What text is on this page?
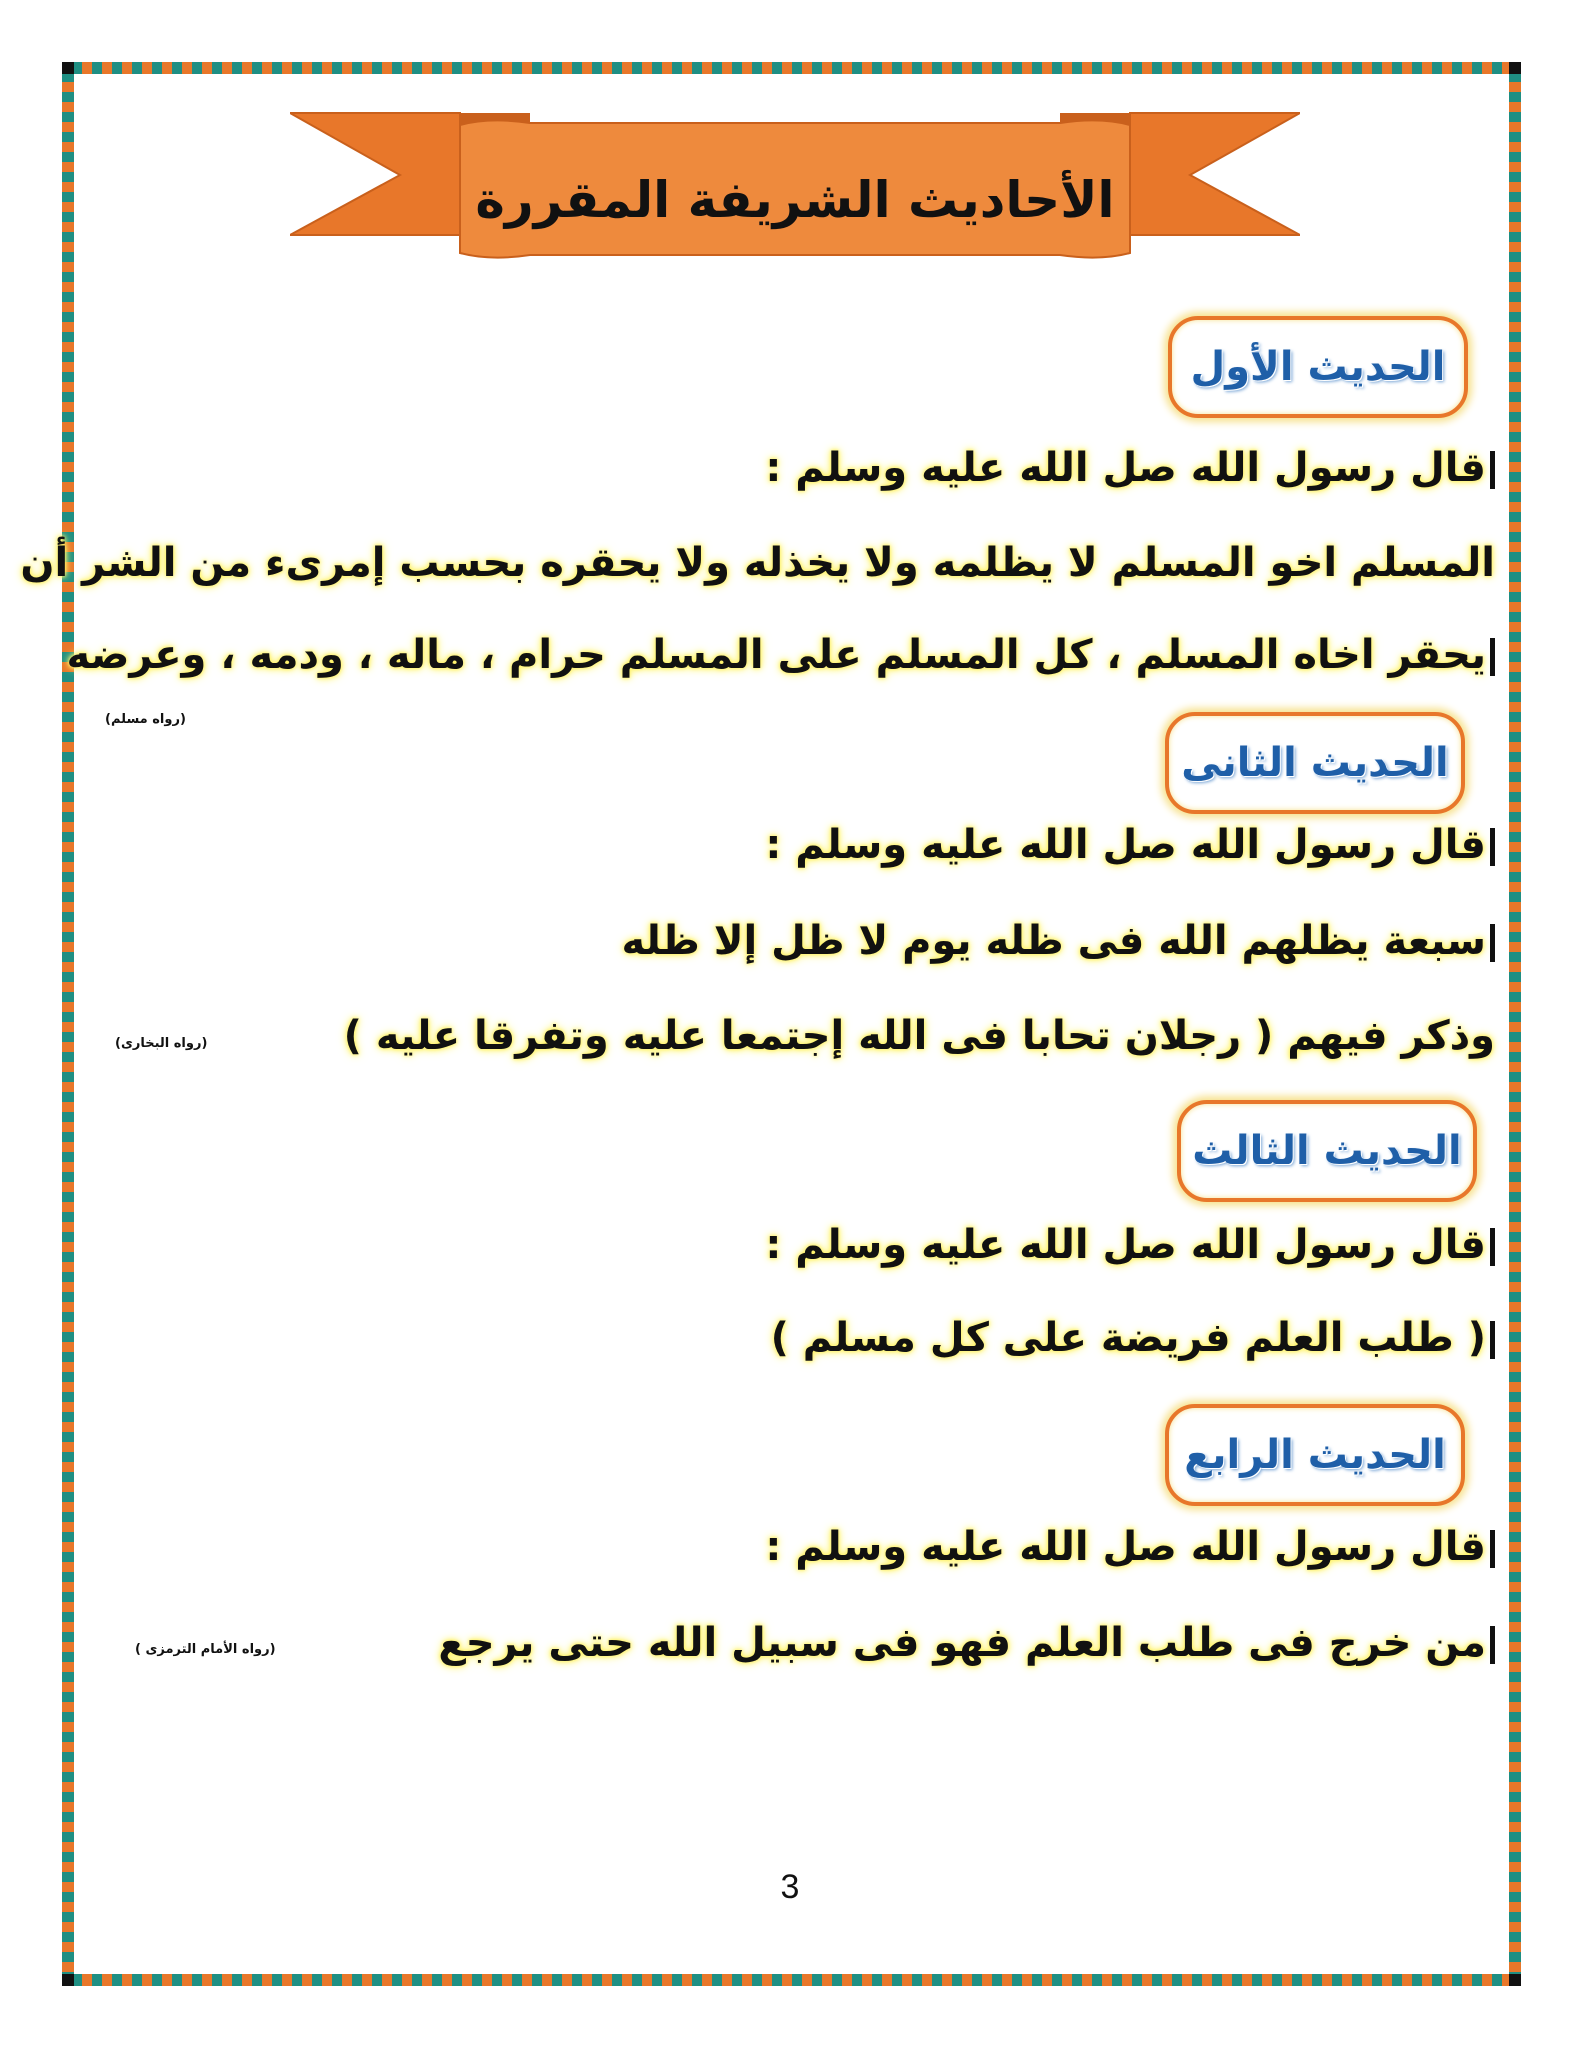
الأحاديث الشريفة المقررة
الحديث الأول
قال رسول الله صل الله عليه وسلم :
المسلم اخو المسلم لا يظلمه ولا يخذله ولا يحقره بحسب إمرىء من الشر أن
يحقر اخاه المسلم ، كل المسلم على المسلم حرام ، ماله ، ودمه ، وعرضه
(رواه مسلم)
الحديث الثانى
قال رسول الله صل الله عليه وسلم :
سبعة يظلهم الله فى ظله يوم لا ظل إلا ظله
وذكر فيهم ( رجلان تحابا فى الله إجتمعا عليه وتفرقا عليه )
(رواه البخارى)
الحديث الثالث
قال رسول الله صل الله عليه وسلم :
( طلب العلم فريضة على كل مسلم )
الحديث الرابع
قال رسول الله صل الله عليه وسلم :
من خرج فى طلب العلم فهو فى سبيل الله حتى يرجع
(رواه الأمام الترمزى )
3
